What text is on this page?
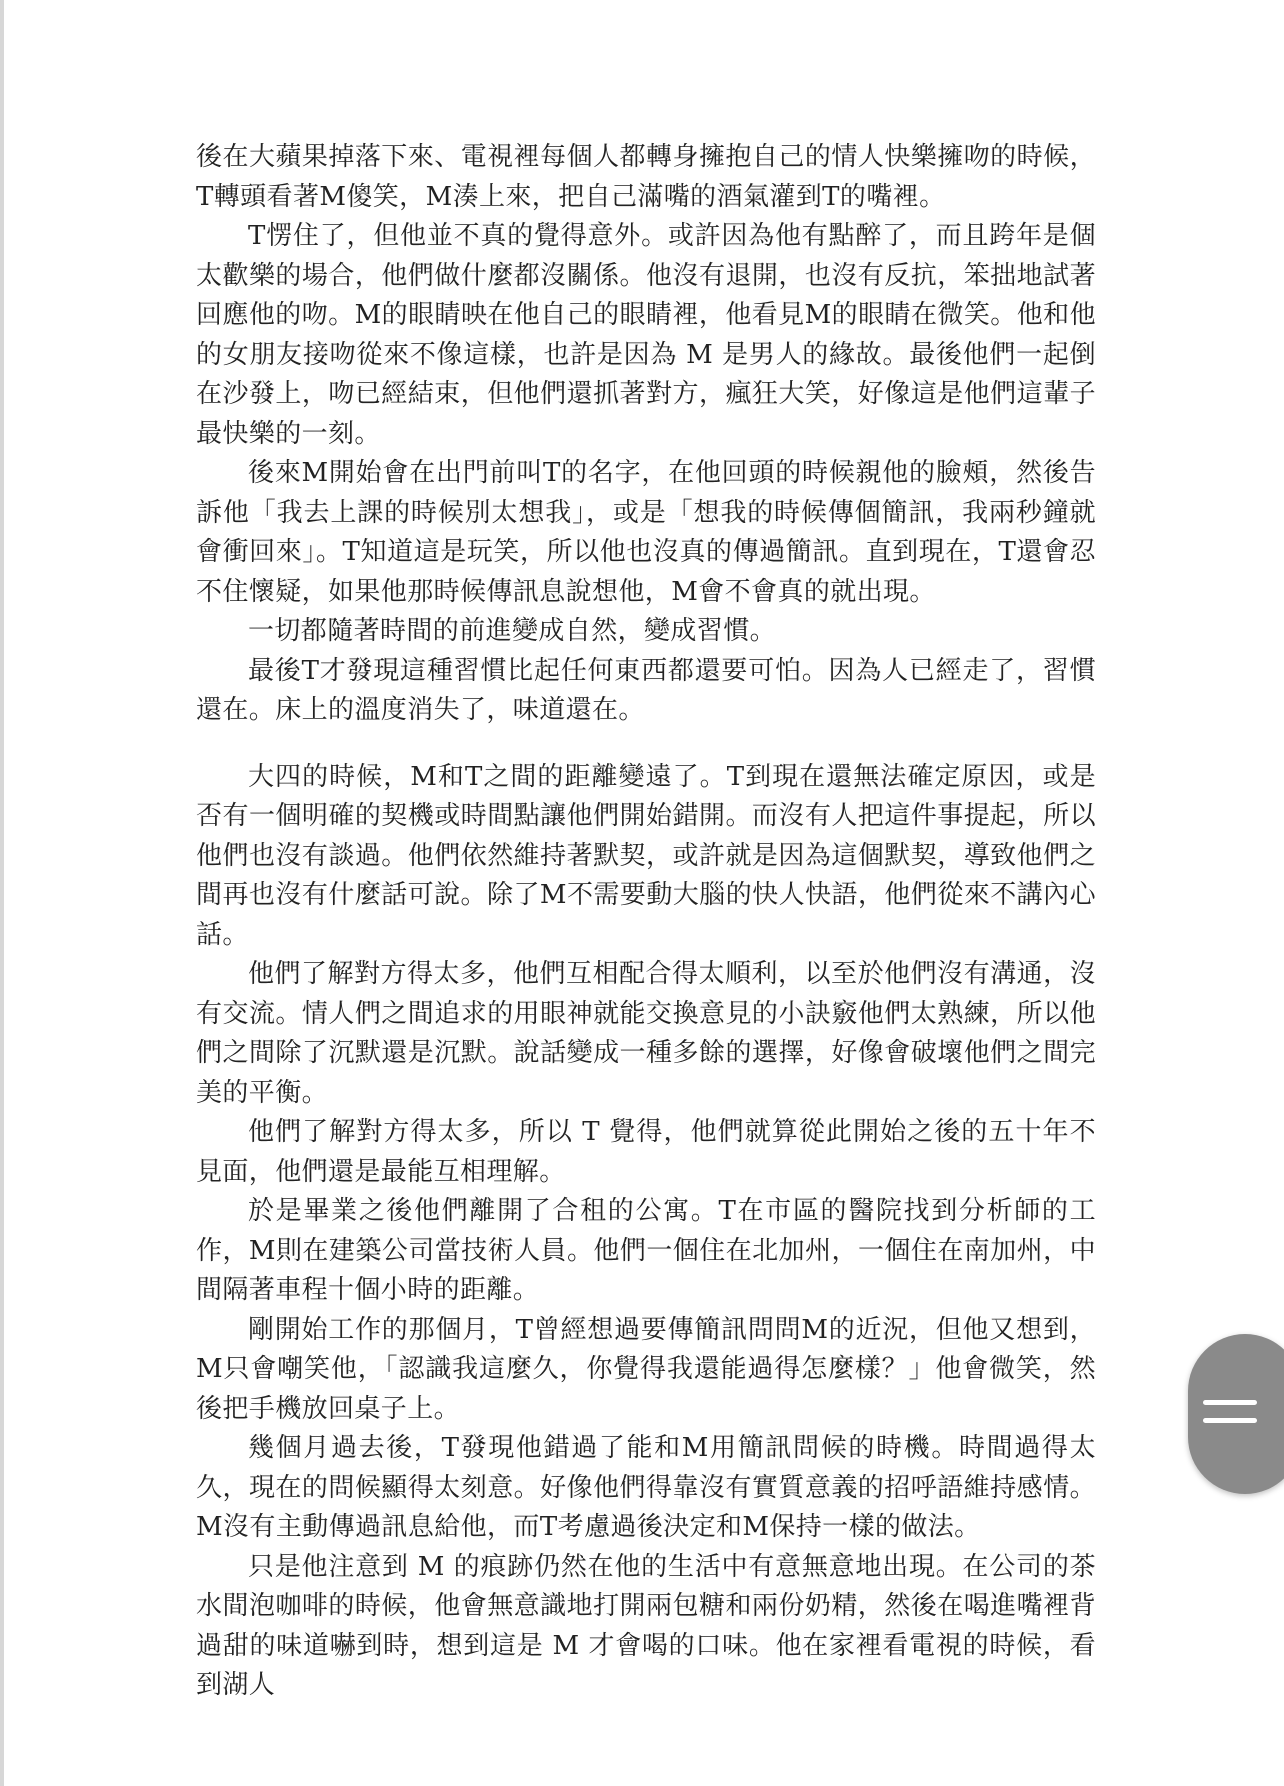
後在大蘋果掉落下來、電視裡每個人都轉身擁抱自己的情人快樂擁吻的時候，T轉頭看著M傻笑，M湊上來，把自己滿嘴的酒氣灌到T的嘴裡。

T愣住了，但他並不真的覺得意外。或許因為他有點醉了，而且跨年是個太歡樂的場合，他們做什麼都沒關係。他沒有退開，也沒有反抗，笨拙地試著回應他的吻。M的眼睛映在他自己的眼睛裡，他看見M的眼睛在微笑。他和他的女朋友接吻從來不像這樣，也許是因為 M 是男人的緣故。最後他們一起倒在沙發上，吻已經結束，但他們還抓著對方，瘋狂大笑，好像這是他們這輩子最快樂的一刻。

後來M開始會在出門前叫T的名字，在他回頭的時候親他的臉頰，然後告訴他「我去上課的時候別太想我」，或是「想我的時候傳個簡訊，我兩秒鐘就會衝回來」。T知道這是玩笑，所以他也沒真的傳過簡訊。直到現在，T還會忍不住懷疑，如果他那時候傳訊息說想他，M會不會真的就出現。

一切都隨著時間的前進變成自然，變成習慣。

最後T才發現這種習慣比起任何東西都還要可怕。因為人已經走了，習慣還在。床上的溫度消失了，味道還在。

大四的時候，M和T之間的距離變遠了。T到現在還無法確定原因，或是否有一個明確的契機或時間點讓他們開始錯開。而沒有人把這件事提起，所以他們也沒有談過。他們依然維持著默契，或許就是因為這個默契，導致他們之間再也沒有什麼話可說。除了M不需要動大腦的快人快語，他們從來不講內心話。

他們了解對方得太多，他們互相配合得太順利，以至於他們沒有溝通，沒有交流。情人們之間追求的用眼神就能交換意見的小訣竅他們太熟練，所以他們之間除了沉默還是沉默。說話變成一種多餘的選擇，好像會破壞他們之間完美的平衡。

他們了解對方得太多，所以 T 覺得，他們就算從此開始之後的五十年不見面，他們還是最能互相理解。

於是畢業之後他們離開了合租的公寓。T在市區的醫院找到分析師的工作，M則在建築公司當技術人員。他們一個住在北加州，一個住在南加州，中間隔著車程十個小時的距離。

剛開始工作的那個月，T曾經想過要傳簡訊問問M的近況，但他又想到，M只會嘲笑他，「認識我這麼久，你覺得我還能過得怎麼樣？」他會微笑，然後把手機放回桌子上。

幾個月過去後，T發現他錯過了能和M用簡訊問候的時機。時間過得太久，現在的問候顯得太刻意。好像他們得靠沒有實質意義的招呼語維持感情。M沒有主動傳過訊息給他，而T考慮過後決定和M保持一樣的做法。

只是他注意到 M 的痕跡仍然在他的生活中有意無意地出現。在公司的茶水間泡咖啡的時候，他會無意識地打開兩包糖和兩份奶精，然後在喝進嘴裡背過甜的味道嚇到時，想到這是 M 才會喝的口味。他在家裡看電視的時候，看到湖人
